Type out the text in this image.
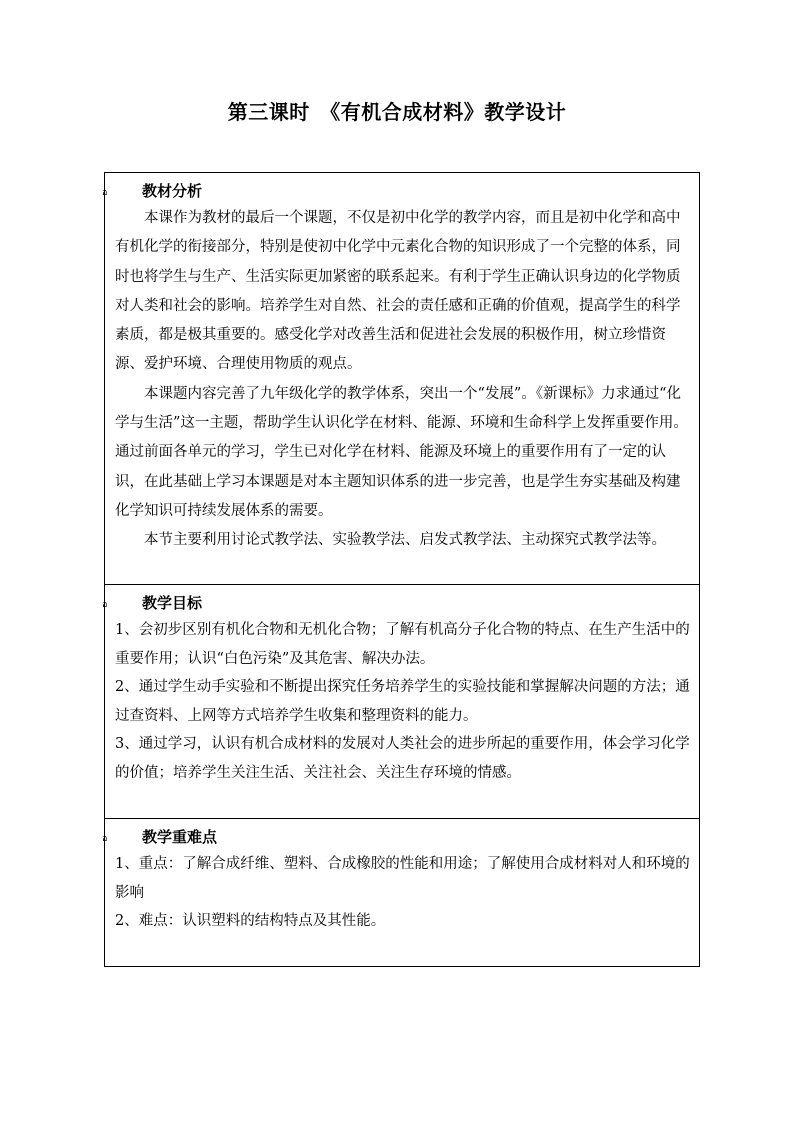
第三课时　《有机合成材料》教学设计
อ	教材分析

本课作为教材的最后一个课题，不仅是初中化学的教学内容，而且是初中化学和高中有机化学的衔接部分，特别是使初中化学中元素化合物的知识形成了一个完整的体系，同时也将学生与生产、生活实际更加紧密的联系起来。有利于学生正确认识身边的化学物质对人类和社会的影响。培养学生对自然、社会的责任感和正确的价值观，提高学生的科学素质，都是极其重要的。感受化学对改善生活和促进社会发展的积极作用，树立珍惜资源、爱护环境、合理使用物质的观点。

本课题内容完善了九年级化学的教学体系，突出一个“发展”。《新课标》力求通过“化学与生活”这一主题，帮助学生认识化学在材料、能源、环境和生命科学上发挥重要作用。通过前面各单元的学习，学生已对化学在材料、能源及环境上的重要作用有了一定的认识，在此基础上学习本课题是对本主题知识体系的进一步完善，也是学生夯实基础及构建化学知识可持续发展体系的需要。

本节主要利用讨论式教学法、实验教学法、启发式教学法、主动探究式教学法等。

อ	教学目标

1、会初步区别有机化合物和无机化合物；了解有机高分子化合物的特点、在生产生活中的重要作用；认识“白色污染”及其危害、解决办法。

2、通过学生动手实验和不断提出探究任务培养学生的实验技能和掌握解决问题的方法；通过查资料、上网等方式培养学生收集和整理资料的能力。

3、通过学习，认识有机合成材料的发展对人类社会的进步所起的重要作用，体会学习化学的价值；培养学生关注生活、关注社会、关注生存环境的情感。

อ	教学重难点

1、重点：了解合成纤维、塑料、合成橡胶的性能和用途；了解使用合成材料对人和环境的影响

2、难点：认识塑料的结构特点及其性能。
